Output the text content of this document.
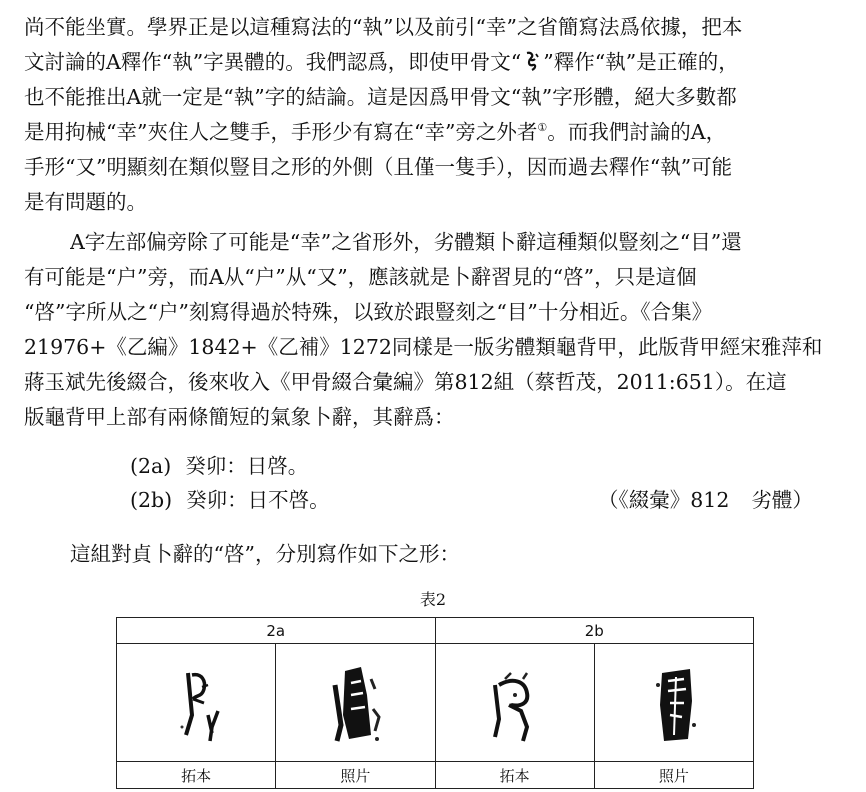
尚不能坐實。學界正是以這種寫法的“執”以及前引“幸”之省簡寫法爲依據，把本
文討論的A釋作“執”字異體的。我們認爲，即使甲骨文“ ”釋作“執”是正確的，
也不能推出A就一定是“執”字的結論。這是因爲甲骨文“執”字形體，絕大多數都
是用拘械“幸”夾住人之雙手，手形少有寫在“幸”旁之外者①。而我們討論的A，
手形“又”明顯刻在類似豎目之形的外側（且僅一隻手），因而過去釋作“執”可能
是有問題的。
A字左部偏旁除了可能是“幸”之省形外，劣體類卜辭這種類似豎刻之“目”還
有可能是“户”旁，而A从“户”从“又”，應該就是卜辭習見的“啓”，只是這個
“啓”字所从之“户”刻寫得過於特殊，以致於跟豎刻之“目”十分相近。《合集》
21976+《乙編》1842+《乙補》1272同樣是一版劣體類龜背甲，此版背甲經宋雅萍和
蔣玉斌先後綴合，後來收入《甲骨綴合彙編》第812組（蔡哲茂，2011:651）。在這
版龜背甲上部有兩條簡短的氣象卜辭，其辭爲：
(2a) 癸卯：日啓。
(2b) 癸卯：日不啓。	（《綴彙》812 劣體）
這組對貞卜辭的“啓”，分別寫作如下之形：
表2
2a		2b	

拓本	照片	拓本	照片
